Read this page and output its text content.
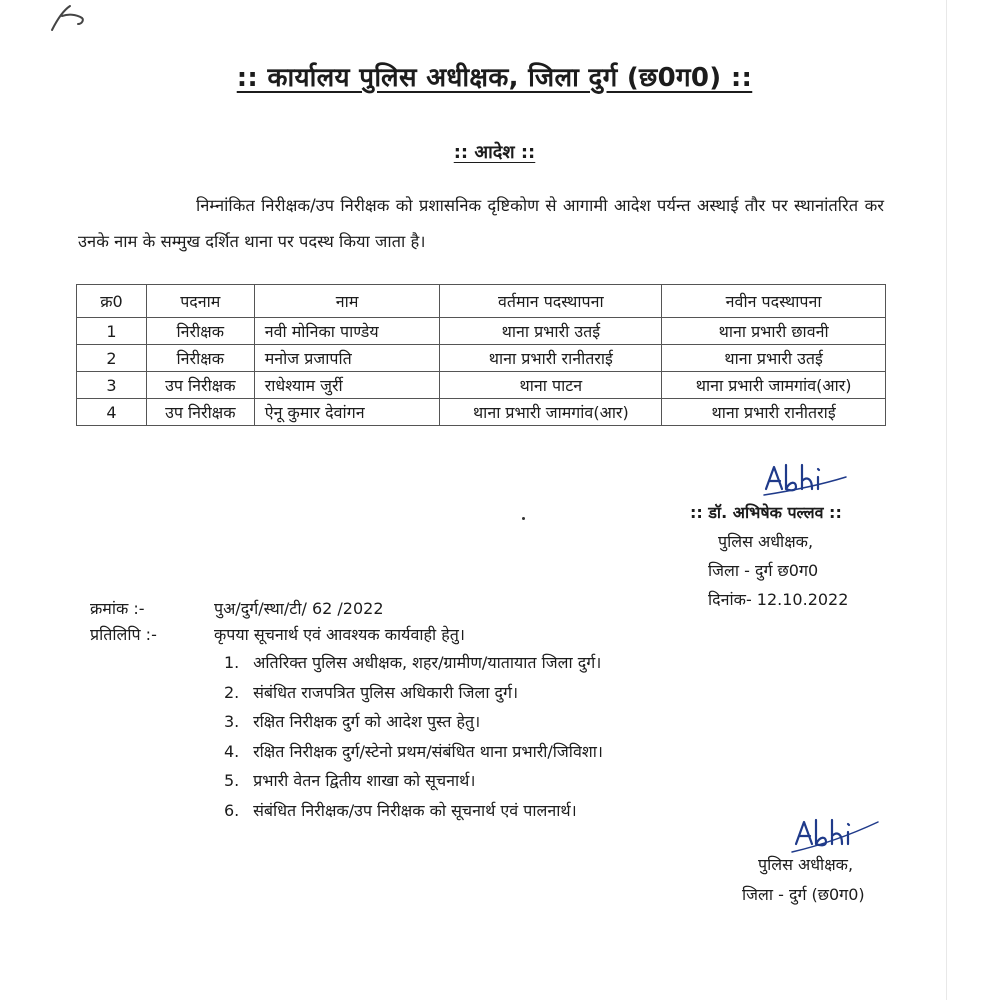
:: कार्यालय पुलिस अधीक्षक, जिला दुर्ग (छ0ग0) ::
:: आदेश ::
निम्नांकित निरीक्षक/उप निरीक्षक को प्रशासनिक दृष्टिकोण से आगामी आदेश पर्यन्त अस्थाई तौर पर स्थानांतरित कर उनके नाम के सम्मुख दर्शित थाना पर पदस्थ किया जाता है।
क्र0	पदनाम	नाम	वर्तमान पदस्थापना	नवीन पदस्थापना
1	निरीक्षक	नवी मोनिका पाण्डेय	थाना प्रभारी उतई	थाना प्रभारी छावनी
2	निरीक्षक	मनोज प्रजापति	थाना प्रभारी रानीतराई	थाना प्रभारी उतई
3	उप निरीक्षक	राधेश्याम जुर्री	थाना पाटन	थाना प्रभारी जामगांव(आर)
4	उप निरीक्षक	ऐनू कुमार देवांगन	थाना प्रभारी जामगांव(आर)	थाना प्रभारी रानीतराई
:: डॉ. अभिषेक पल्लव ::
पुलिस अधीक्षक,
जिला - दुर्ग छ0ग0
दिनांक- 12.10.2022
क्रमांक :-	पुअ/दुर्ग/स्था/टी/ 62 /2022
प्रतिलिपि :-	कृपया सूचनार्थ एवं आवश्यक कार्यवाही हेतु।
1. अतिरिक्त पुलिस अधीक्षक, शहर/ग्रामीण/यातायात जिला दुर्ग।
2. संबंधित राजपत्रित पुलिस अधिकारी जिला दुर्ग।
3. रक्षित निरीक्षक दुर्ग को आदेश पुस्त हेतु।
4. रक्षित निरीक्षक दुर्ग/स्टेनो प्रथम/संबंधित थाना प्रभारी/जिविशा।
5. प्रभारी वेतन द्वितीय शाखा को सूचनार्थ।
6. संबंधित निरीक्षक/उप निरीक्षक को सूचनार्थ एवं पालनार्थ।
पुलिस अधीक्षक,
जिला - दुर्ग (छ0ग0)
